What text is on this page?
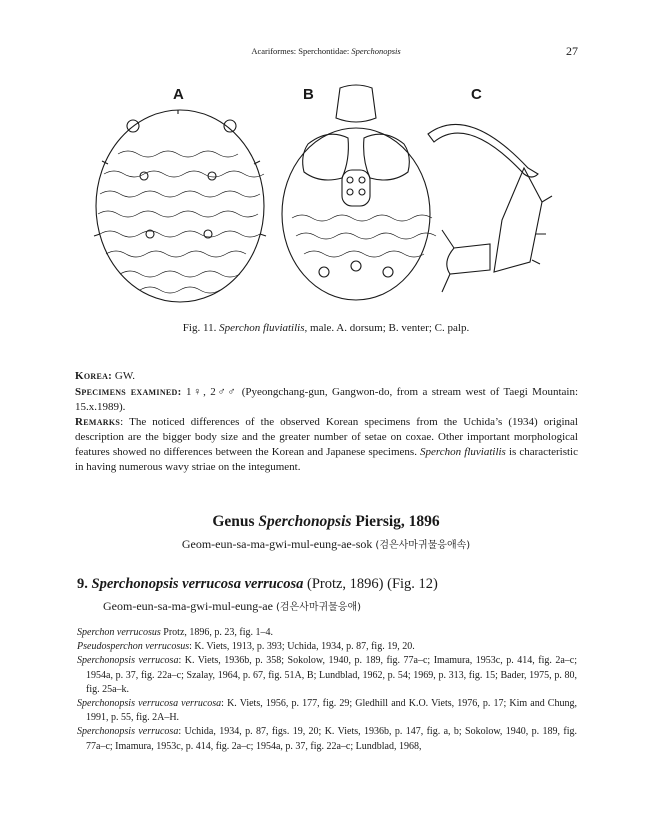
Acariformes: Sperchontidae: Sperchonopsis	27
A	B	C
Fig. 11. Sperchon fluviatilis, male. A. dorsum; B. venter; C. palp.

Korea: GW.

Specimens examined: 1♀, 2♂♂ (Pyeongchang-gun, Gangwon-do, from a stream west of Taegi Mountain: 15.x.1989).

Remarks: The noticed differences of the observed Korean specimens from the Uchida’s (1934) original description are the bigger body size and the greater number of setae on coxae. Other important morphological features showed no differences between the Korean and Japanese specimens. Sperchon fluviatilis is characteristic in having numerous wavy striae on the integument.

Genus Sperchonopsis Piersig, 1896
Geom-eun-sa-ma-gwi-mul-eung-ae-sok (검은사마귀물응애속)
9. Sperchonopsis verrucosa verrucosa (Protz, 1896) (Fig. 12)
Geom-eun-sa-ma-gwi-mul-eung-ae (검은사마귀물응애)

Sperchon verrucosus Protz, 1896, p. 23, fig. 1–4.

Pseudosperchon verrucosus: K. Viets, 1913, p. 393; Uchida, 1934, p. 87, fig. 19, 20.

Sperchonopsis verrucosa: K. Viets, 1936b, p. 358; Sokolow, 1940, p. 189, fig. 77a–c; Imamura, 1953c, p. 414, fig. 2a–c; 1954a, p. 37, fig. 22a–c; Szalay, 1964, p. 67, fig. 51A, B; Lundblad, 1962, p. 54; 1969, p. 313, fig. 15; Bader, 1975, p. 80, fig. 25a–k.

Sperchonopsis verrucosa verrucosa: K. Viets, 1956, p. 177, fig. 29; Gledhill and K.O. Viets, 1976, p. 17; Kim and Chung, 1991, p. 55, fig. 2A–H.

Sperchonopsis verrucosa: Uchida, 1934, p. 87, figs. 19, 20; K. Viets, 1936b, p. 147, fig. a, b; Sokolow, 1940, p. 189, fig. 77a–c; Imamura, 1953c, p. 414, fig. 2a–c; 1954a, p. 37, fig. 22a–c; Lundblad, 1968,
